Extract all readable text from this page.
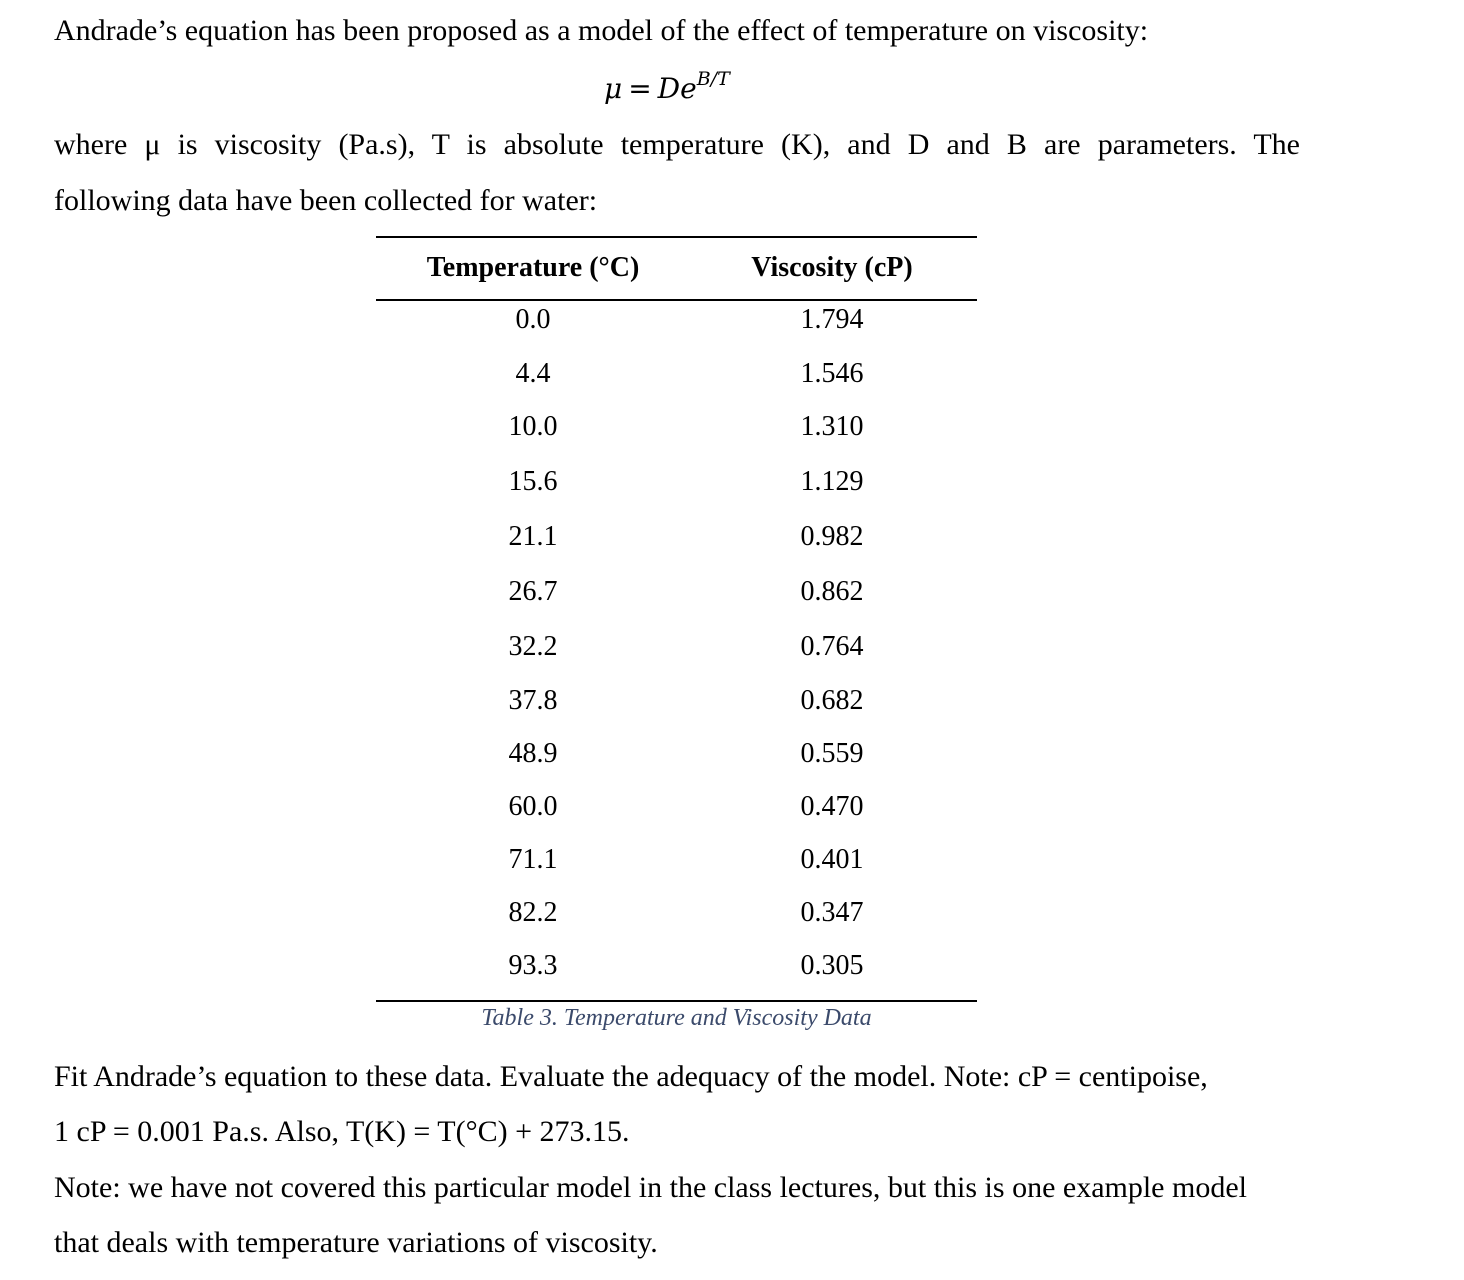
Andrade’s equation has been proposed as a model of the effect of temperature on viscosity:
$\mu = De^{B/T}$
where μ is viscosity (Pa.s), T is absolute temperature (K), and D and B are parameters. The
following data have been collected for water:
Temperature (°C)	Viscosity (cP)
0.0	1.794
4.4	1.546
10.0	1.310
15.6	1.129
21.1	0.982
26.7	0.862
32.2	0.764
37.8	0.682
48.9	0.559
60.0	0.470
71.1	0.401
82.2	0.347
93.3	0.305
Table 3. Temperature and Viscosity Data
Fit Andrade’s equation to these data. Evaluate the adequacy of the model. Note: cP = centipoise,
1 cP = 0.001 Pa.s. Also, T(K) = T(°C) + 273.15.
Note: we have not covered this particular model in the class lectures, but this is one example model
that deals with temperature variations of viscosity.
